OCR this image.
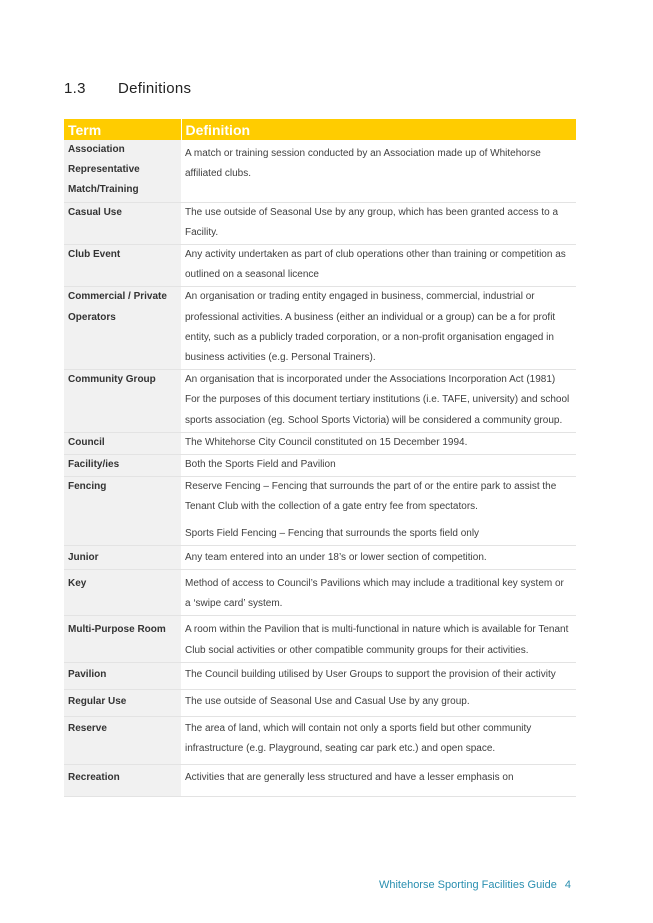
1.3 Definitions
Term	Definition
Association Representative Match/Training	A match or training session conducted by an Association made up of Whitehorse affiliated clubs.

Casual Use	The use outside of Seasonal Use by any group, which has been granted access to a Facility.

Club Event	Any activity undertaken as part of club operations other than training or competition as outlined on a seasonal licence

Commercial / Private Operators	An organisation or trading entity engaged in business, commercial, industrial or professional activities. A business (either an individual or a group) can be a for profit entity, such as a publicly traded corporation, or a non-profit organisation engaged in business activities (e.g. Personal Trainers).

Community Group	An organisation that is incorporated under the Associations Incorporation Act (1981) For the purposes of this document tertiary institutions (i.e. TAFE, university) and school sports association (eg. School Sports Victoria) will be considered a community group.

Council	The Whitehorse City Council constituted on 15 December 1994.

Facility/ies	Both the Sports Field and Pavilion

Fencing	Reserve Fencing – Fencing that surrounds the part of or the entire park to assist the Tenant Club with the collection of a gate entry fee from spectators.

Sports Field Fencing – Fencing that surrounds the sports field only

Junior	Any team entered into an under 18’s or lower section of competition.

Key	Method of access to Council’s Pavilions which may include a traditional key system or a ‘swipe card’ system.

Multi-Purpose Room	A room within the Pavilion that is multi-functional in nature which is available for Tenant Club social activities or other compatible community groups for their activities.

Pavilion	The Council building utilised by User Groups to support the provision of their activity

Regular Use	The use outside of Seasonal Use and Casual Use by any group.

Reserve	The area of land, which will contain not only a sports field but other community infrastructure (e.g. Playground, seating car park etc.) and open space.

Recreation	Activities that are generally less structured and have a lesser emphasis on

Whitehorse Sporting Facilities Guide 4
